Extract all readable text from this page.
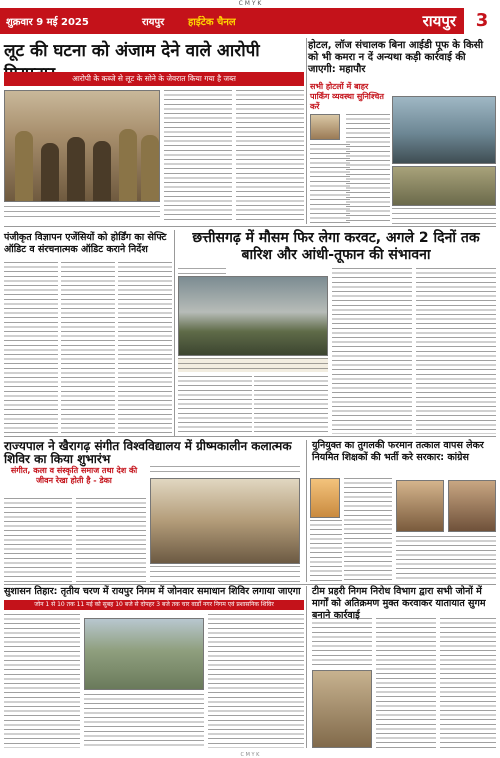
C M Y K
शुक्रवार 9 मई 2025	रायपुर हाईटेक चैनल	रायपुर	3
लूट की घटना को अंजाम देने वाले आरोपी
आरोपी के कब्जे से लूट के सोने के जेवरात किया गया है जब्त
होटल, लॉज संचालक बिना आईडी पूफ के किसी को भी कमरा न दें अन्यथा कड़ी कार्रवाई की जाएगी: महापौर
सभी होटलों में बाहर पार्किंग व्यवस्था सुनिश्चित करें
पंजीकृत विज्ञापन एजेंसियों को होर्डिंग का सेफ्टि ऑडिट व संरचनात्मक ऑडिट कराने निर्देश
छत्तीसगढ़ में मौसम फिर लेगा करवट, अगले 2 दिनों तक बारिश और आंधी-तूफान की संभावना
राज्यपाल ने खैरागढ़ संगीत विश्वविद्यालय में ग्रीष्मकालीन कलात्मक शिविर का किया शुभारंभ
संगीत, कला व संस्कृति समाज तथा देश की जीवन रेखा होती है - डेका
युनियुक्त का तुगलकी फरमान तत्काल वापस लेकर नियमित शिक्षकों की भर्ती करे सरकार: कांग्रेस
सुशासन तिहार: तृतीय चरण में रायपुर निगम में जोनवार समाधान शिविर लगाया जाएगा
जोन 1 से 10 तक 11 मई को सुबह 10 बजे से दोपहर 3 बजे तक चार वार्डों नगर निगम एवं प्रशासनिक शिविर
टीम प्रहरी निगम निरोध विभाग द्वारा सभी जोनों में मार्गों को अतिक्रमण मुक्त करवाकर यातायात सुगम बनाने कार्रवाई
C M Y K
